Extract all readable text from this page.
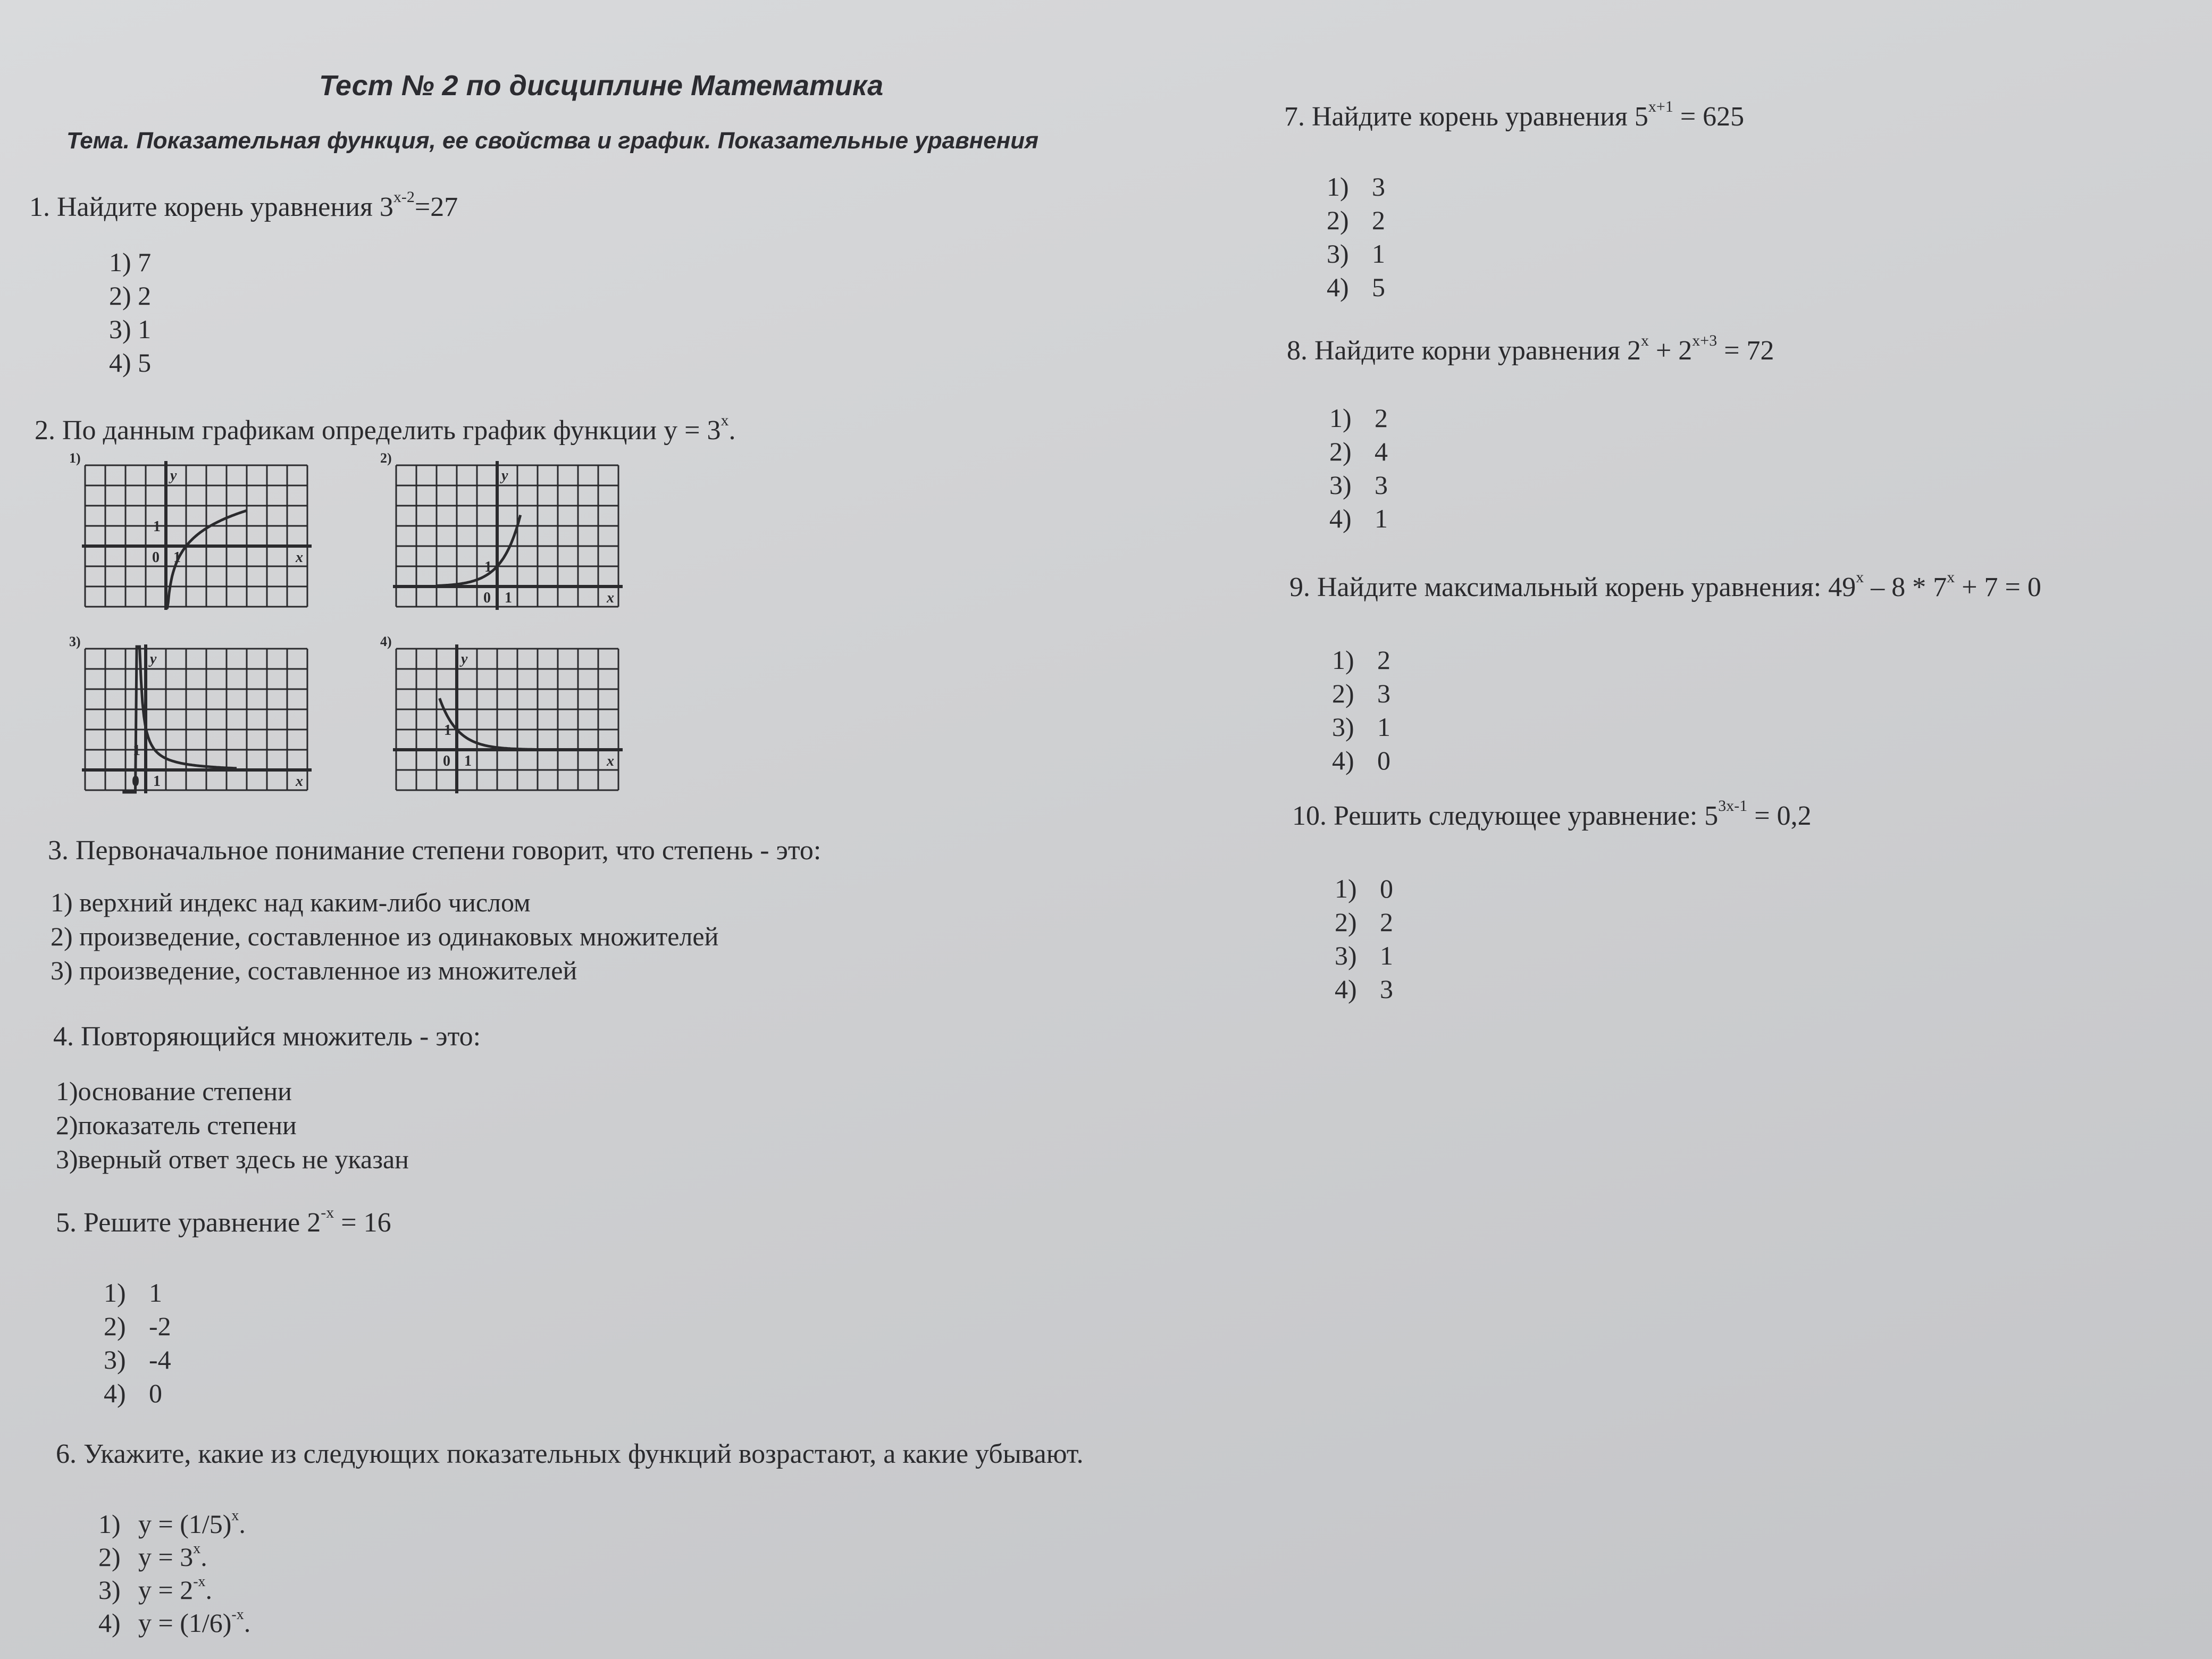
Тест № 2 по дисциплине Математика
Тема. Показательная функция, ее свойства и график. Показательные уравнения
1. Найдите корень уравнения $3^{x-2}=27$
1) 7
2) 2
3) 1
4) 5
2. По данным графикам определить график функции $y = 3^x$.
1)
y
x
0 1
1
2)
y
x
0 1
1
3)
y
x
0 1
1
4)
y
x
0 1
1
3. Первоначальное понимание степени говорит, что степень - это:
1) верхний индекс над каким-либо числом
2) произведение, составленное из одинаковых множителей
3) произведение, составленное из множителей
4. Повторяющийся множитель - это:
1)основание степени
2)показатель степени
3)верный ответ здесь не указан
5. Решите уравнение $2^{-x} = 16$
1) 1
2) -2
3) -4
4) 0
6. Укажите, какие из следующих показательных функций возрастают, а какие убывают.
1) $y = (1/5)^x$.
2) $y = 3^x$.
3) $y = 2^{-x}$.
4) $y = (1/6)^{-x}$.
7. Найдите корень уравнения $5^{x+1} = 625$
1) 3
2) 2
3) 1
4) 5
8. Найдите корни уравнения $2^x + 2^{x+3} = 72$
1) 2
2) 4
3) 3
4) 1
9. Найдите максимальный корень уравнения: $49^x - 8 * 7^x + 7 = 0$
1) 2
2) 3
3) 1
4) 0
10. Решить следующее уравнение: $5^{3x-1} = 0,2$
1) 0
2) 2
3) 1
4) 3
